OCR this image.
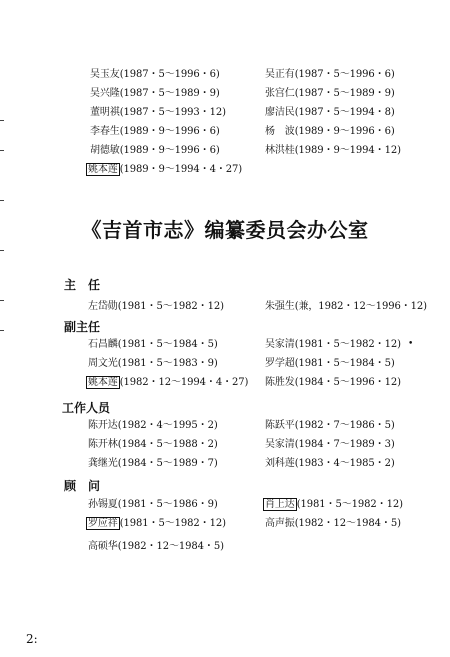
吴玉友(1987・5～1996・6)
吴兴隆(1987・5～1989・9)
董明祺(1987・5～1993・12)
李春生(1989・9～1996・6)
胡德敏(1989・9～1996・6)
姚本莲 (1989・9～1994・4・27)
吴正有(1987・5～1996・6)
张宫仁(1987・5～1989・9)
廖洁民(1987・5～1994・8)
杨　波(1989・9～1996・6)
林洪桂(1989・9～1994・12)
《吉首市志》编纂委员会办公室
主　任
左岱勋(1981・5～1982・12)	朱强生(兼，1982・12～1996・12)
副主任
石昌麟(1981・5～1984・5)
周文光(1981・5～1983・9)
姚本莲 (1982・12～1994・4・27)
吴家清(1981・5～1982・12) •
罗学超(1981・5～1984・5)
陈胜发(1984・5～1996・12)
工作人员
陈开达(1982・4～1995・2)
陈开林(1984・5～1988・2)
龚继光(1984・5～1989・7)
陈跃平(1982・7～1986・5)
吴家清(1984・7～1989・3)
刘科莲(1983・4～1985・2)
顾　问
孙锡夏(1981・5～1986・9)
罗应祥 (1981・5～1982・12)
高硕华(1982・12～1984・5)
肖上达 (1981・5～1982・12)
高声振(1982・12～1984・5)
2:
